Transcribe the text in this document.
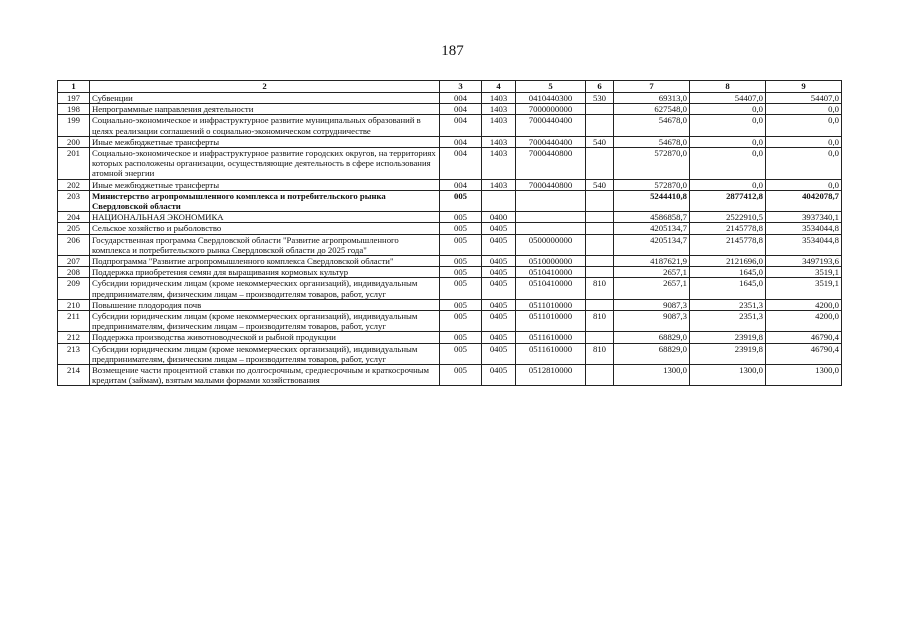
187
1	2	3	4	5	6	7	8	9
197	Субвенции	004	1403	0410440300	530	69313,0	54407,0	54407,0
198	Непрограммные направления деятельности	004	1403	7000000000		627548,0	0,0	0,0
199	Социально-экономическое и инфраструктурное развитие муниципальных образований в целях реализации соглашений о социально-экономическом сотрудничестве	004	1403	7000440400		54678,0	0,0	0,0
200	Иные межбюджетные трансферты	004	1403	7000440400	540	54678,0	0,0	0,0
201	Социально-экономическое и инфраструктурное развитие городских округов, на территориях которых расположены организации, осуществляющие деятельность в сфере использования атомной энергии	004	1403	7000440800		572870,0	0,0	0,0
202	Иные межбюджетные трансферты	004	1403	7000440800	540	572870,0	0,0	0,0
203	Министерство агропромышленного комплекса и потребительского рынка Свердловской области	005				5244410,8	2877412,8	4042078,7
204	НАЦИОНАЛЬНАЯ ЭКОНОМИКА	005	0400			4586858,7	2522910,5	3937340,1
205	Сельское хозяйство и рыболовство	005	0405			4205134,7	2145778,8	3534044,8
206	Государственная программа Свердловской области "Развитие агропромышленного комплекса и потребительского рынка Свердловской области до 2025 года"	005	0405	0500000000		4205134,7	2145778,8	3534044,8
207	Подпрограмма "Развитие агропромышленного комплекса Свердловской области"	005	0405	0510000000		4187621,9	2121696,0	3497193,6
208	Поддержка приобретения семян для выращивания кормовых культур	005	0405	0510410000		2657,1	1645,0	3519,1
209	Субсидии юридическим лицам (кроме некоммерческих организаций), индивидуальным предпринимателям, физическим лицам – производителям товаров, работ, услуг	005	0405	0510410000	810	2657,1	1645,0	3519,1
210	Повышение плодородия почв	005	0405	0511010000		9087,3	2351,3	4200,0
211	Субсидии юридическим лицам (кроме некоммерческих организаций), индивидуальным предпринимателям, физическим лицам – производителям товаров, работ, услуг	005	0405	0511010000	810	9087,3	2351,3	4200,0
212	Поддержка производства животноводческой и рыбной продукции	005	0405	0511610000		68829,0	23919,8	46790,4
213	Субсидии юридическим лицам (кроме некоммерческих организаций), индивидуальным предпринимателям, физическим лицам – производителям товаров, работ, услуг	005	0405	0511610000	810	68829,0	23919,8	46790,4
214	Возмещение части процентной ставки по долгосрочным, среднесрочным и краткосрочным кредитам (займам), взятым малыми формами хозяйствования	005	0405	0512810000		1300,0	1300,0	1300,0
